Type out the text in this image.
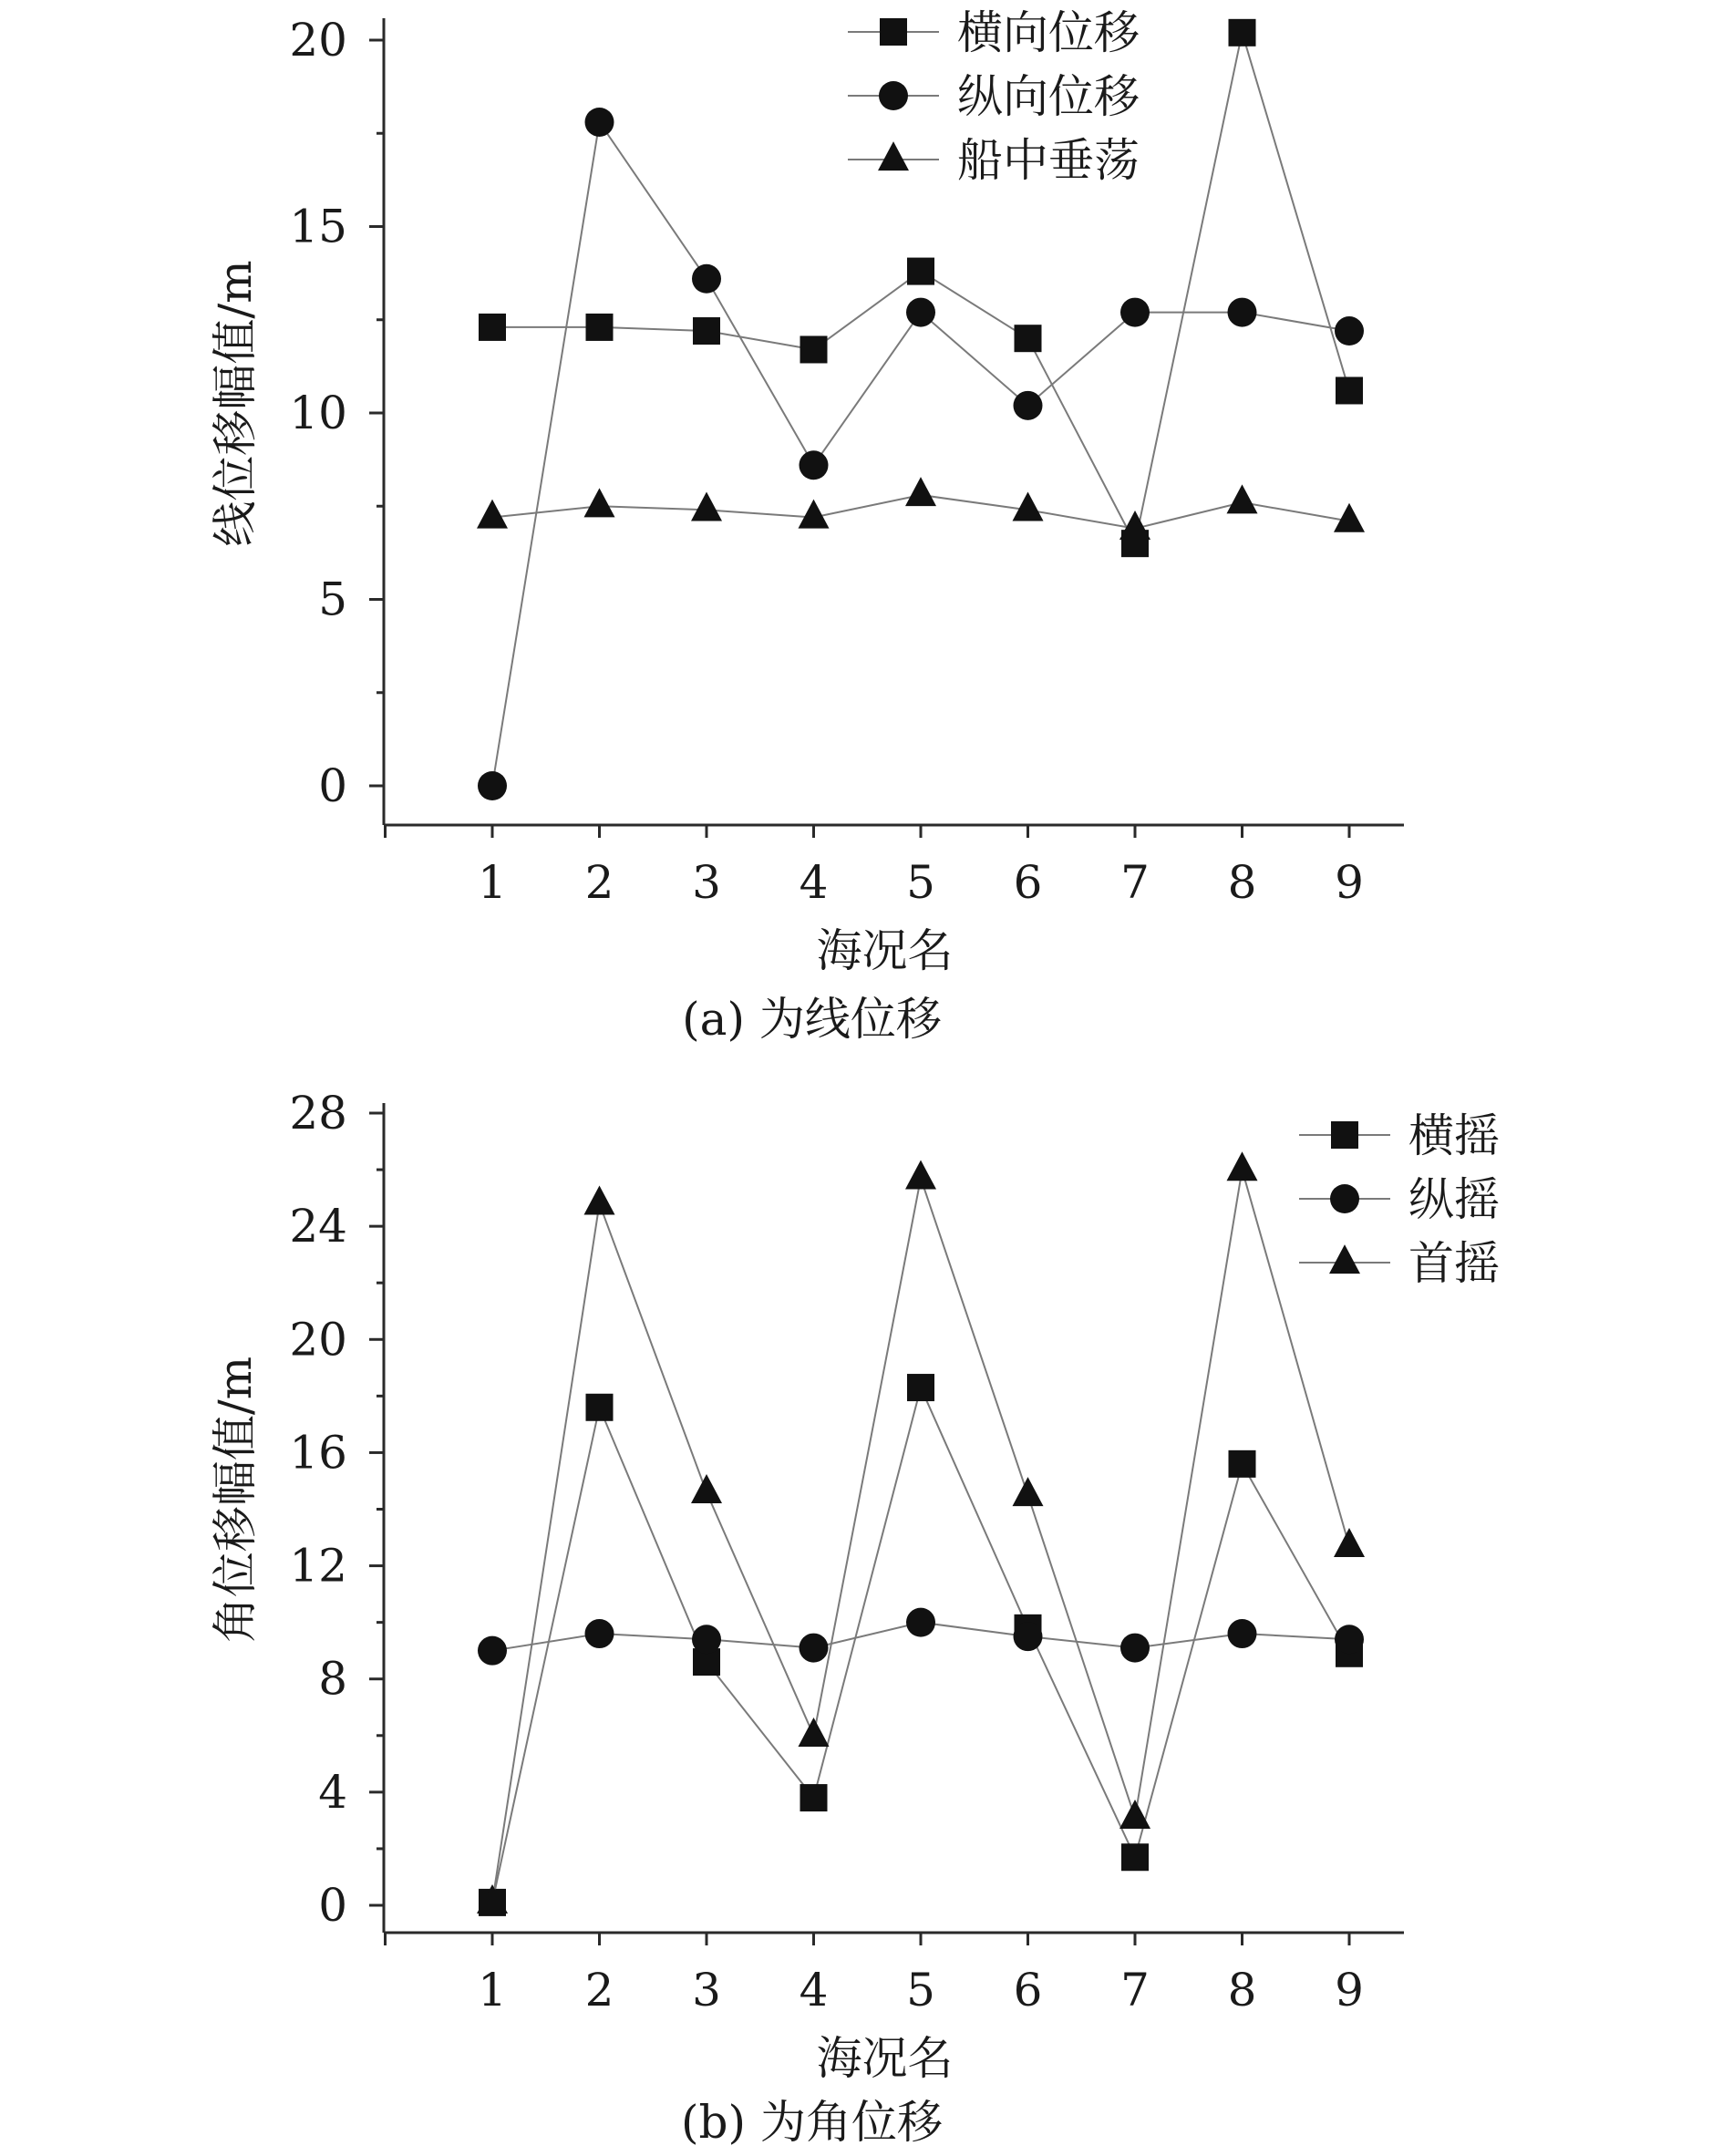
0
5
10
15
20
1 2 3 4 5 6 7 8 9
海况名
线位移幅值/m
(a) 为线位移
横向位移
纵向位移
船中垂荡
0
4
8
12
16
20
24
28
1 2 3 4 5 6 7 8 9
海况名
角位移幅值/m
(b) 为角位移
横摇
纵摇
首摇
